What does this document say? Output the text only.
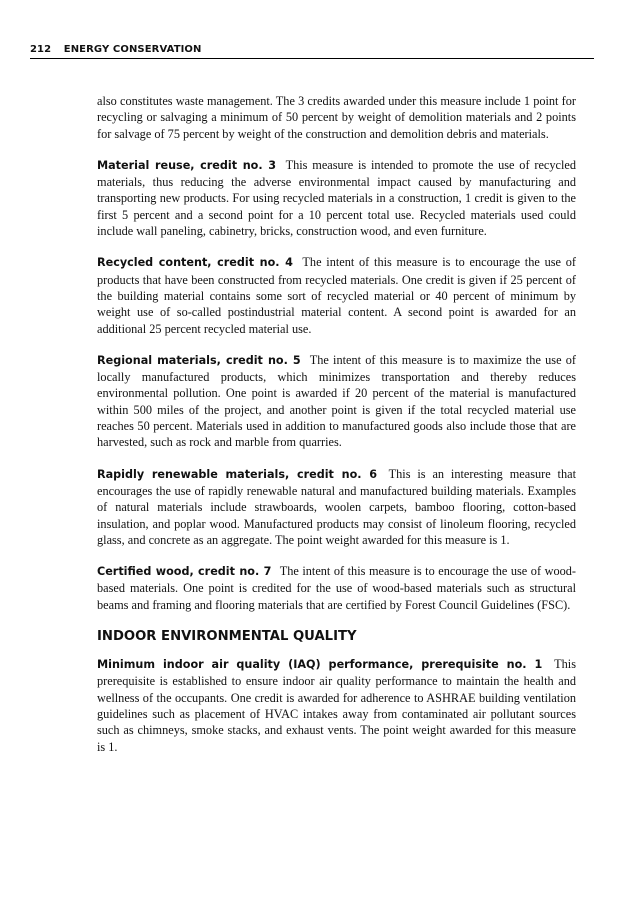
212 ENERGY CONSERVATION

also constitutes waste management. The 3 credits awarded under this measure include 1 point for recycling or salvaging a minimum of 50 percent by weight of demolition materials and 2 points for salvage of 75 percent by weight of the construction and demolition debris and materials.

Material reuse, credit no. 3 This measure is intended to promote the use of recycled materials, thus reducing the adverse environmental impact caused by manufacturing and transporting new products. For using recycled materials in a construction, 1 credit is given to the first 5 percent and a second point for a 10 percent total use. Recycled materials used could include wall paneling, cabinetry, bricks, construction wood, and even furniture.

Recycled content, credit no. 4 The intent of this measure is to encourage the use of products that have been constructed from recycled materials. One credit is given if 25 percent of the building material contains some sort of recycled material or 40 percent of minimum by weight use of so-called postindustrial material content. A second point is awarded for an additional 25 percent recycled material use.

Regional materials, credit no. 5 The intent of this measure is to maximize the use of locally manufactured products, which minimizes transportation and thereby reduces environmental pollution. One point is awarded if 20 percent of the material is manufactured within 500 miles of the project, and another point is given if the total recycled material use reaches 50 percent. Materials used in addition to manufactured goods also include those that are harvested, such as rock and marble from quarries.

Rapidly renewable materials, credit no. 6 This is an interesting measure that encourages the use of rapidly renewable natural and manufactured building materials. Examples of natural materials include strawboards, woolen carpets, bamboo flooring, cotton-based insulation, and poplar wood. Manufactured products may consist of linoleum flooring, recycled glass, and concrete as an aggregate. The point weight awarded for this measure is 1.

Certified wood, credit no. 7 The intent of this measure is to encourage the use of wood-based materials. One point is credited for the use of wood-based materials such as structural beams and framing and flooring materials that are certified by Forest Council Guidelines (FSC).

INDOOR ENVIRONMENTAL QUALITY

Minimum indoor air quality (IAQ) performance, prerequisite no. 1 This prerequisite is established to ensure indoor air quality performance to maintain the health and wellness of the occupants. One credit is awarded for adherence to ASHRAE building ventilation guidelines such as placement of HVAC intakes away from contaminated air pollutant sources such as chimneys, smoke stacks, and exhaust vents. The point weight awarded for this measure is 1.
